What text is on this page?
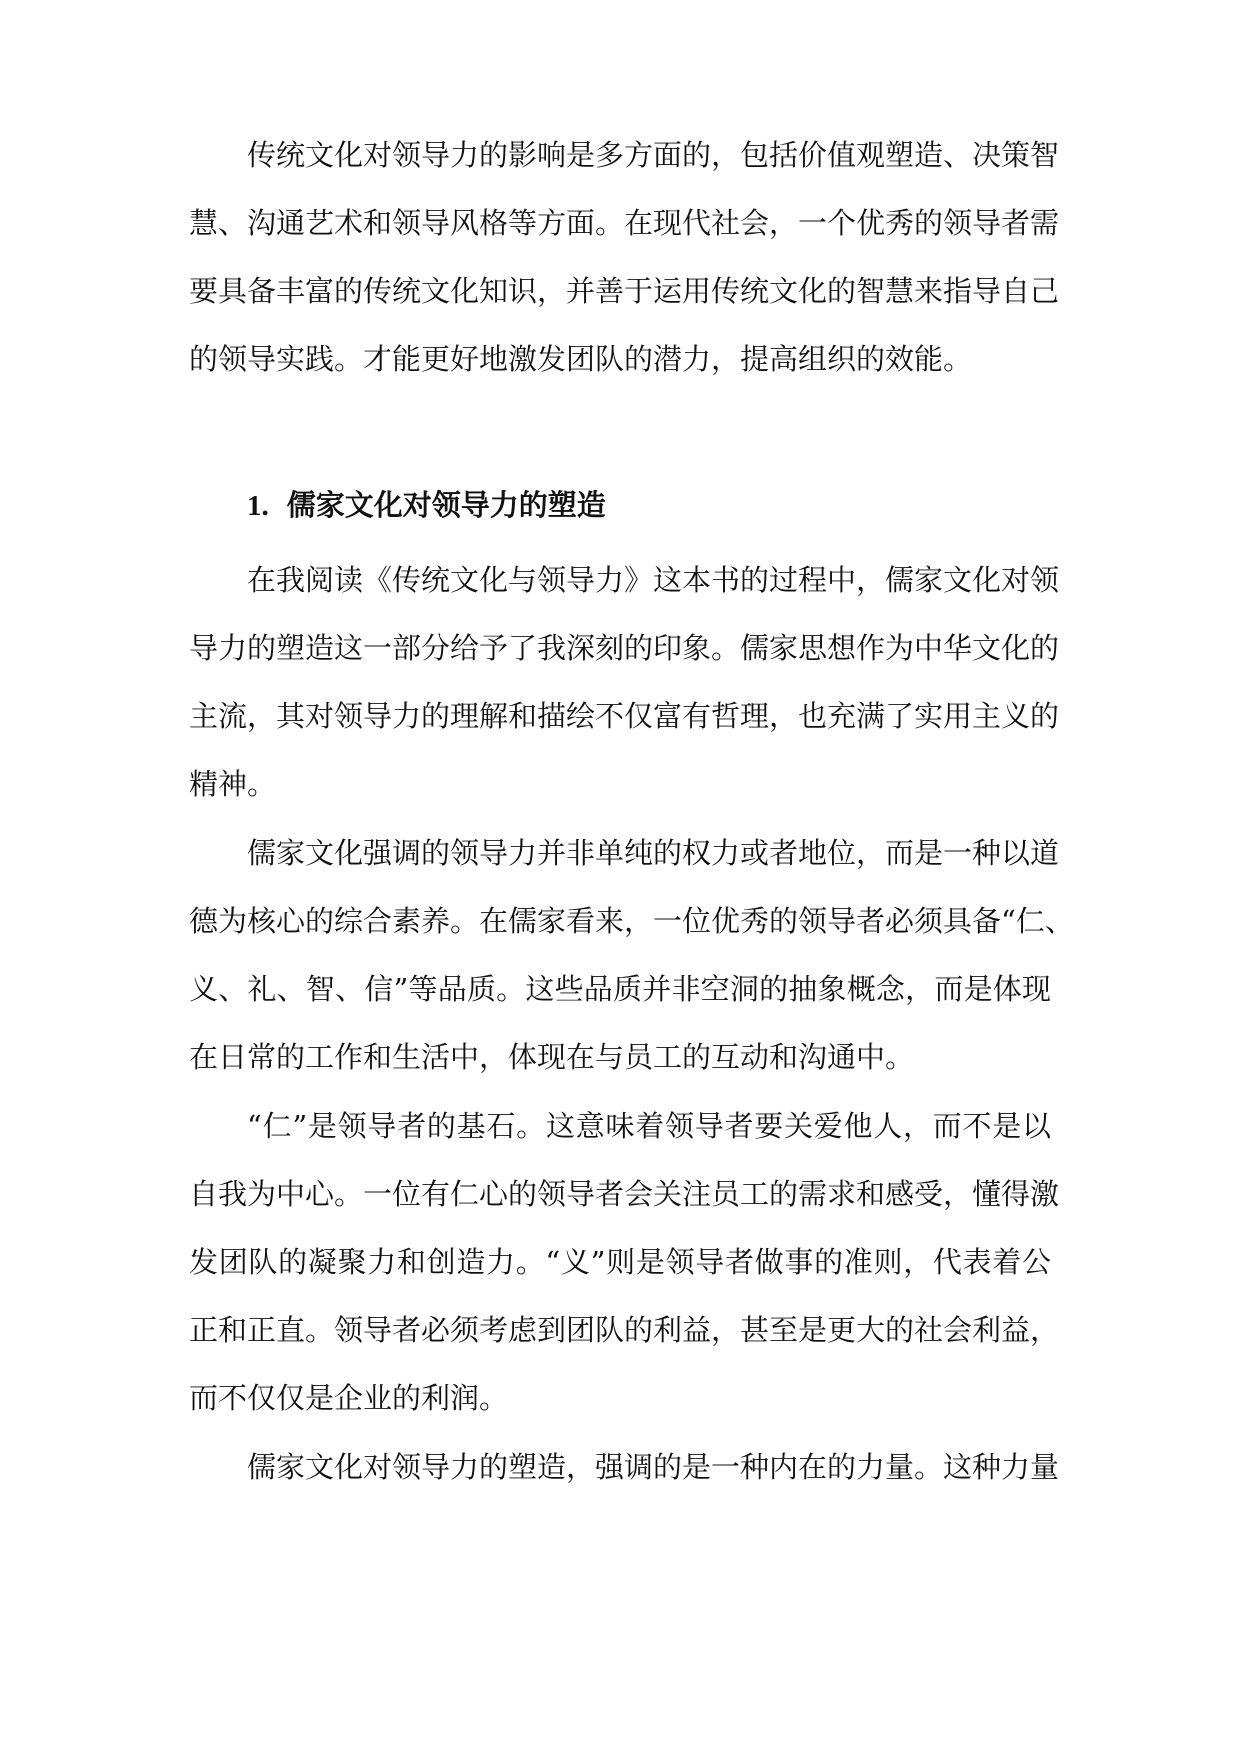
传统文化对领导力的影响是多方面的，包括价值观塑造、决策智
慧、沟通艺术和领导风格等方面。在现代社会，一个优秀的领导者需
要具备丰富的传统文化知识，并善于运用传统文化的智慧来指导自己
的领导实践。才能更好地激发团队的潜力，提高组织的效能。
1. 儒家文化对领导力的塑造
在我阅读《传统文化与领导力》这本书的过程中，儒家文化对领
导力的塑造这一部分给予了我深刻的印象。儒家思想作为中华文化的
主流，其对领导力的理解和描绘不仅富有哲理，也充满了实用主义的
精神。
儒家文化强调的领导力并非单纯的权力或者地位，而是一种以道
德为核心的综合素养。在儒家看来，一位优秀的领导者必须具备“仁、
义、礼、智、信”等品质。这些品质并非空洞的抽象概念，而是体现
在日常的工作和生活中，体现在与员工的互动和沟通中。
“仁”是领导者的基石。这意味着领导者要关爱他人，而不是以
自我为中心。一位有仁心的领导者会关注员工的需求和感受，懂得激
发团队的凝聚力和创造力。“义”则是领导者做事的准则，代表着公
正和正直。领导者必须考虑到团队的利益，甚至是更大的社会利益，
而不仅仅是企业的利润。
儒家文化对领导力的塑造，强调的是一种内在的力量。这种力量
